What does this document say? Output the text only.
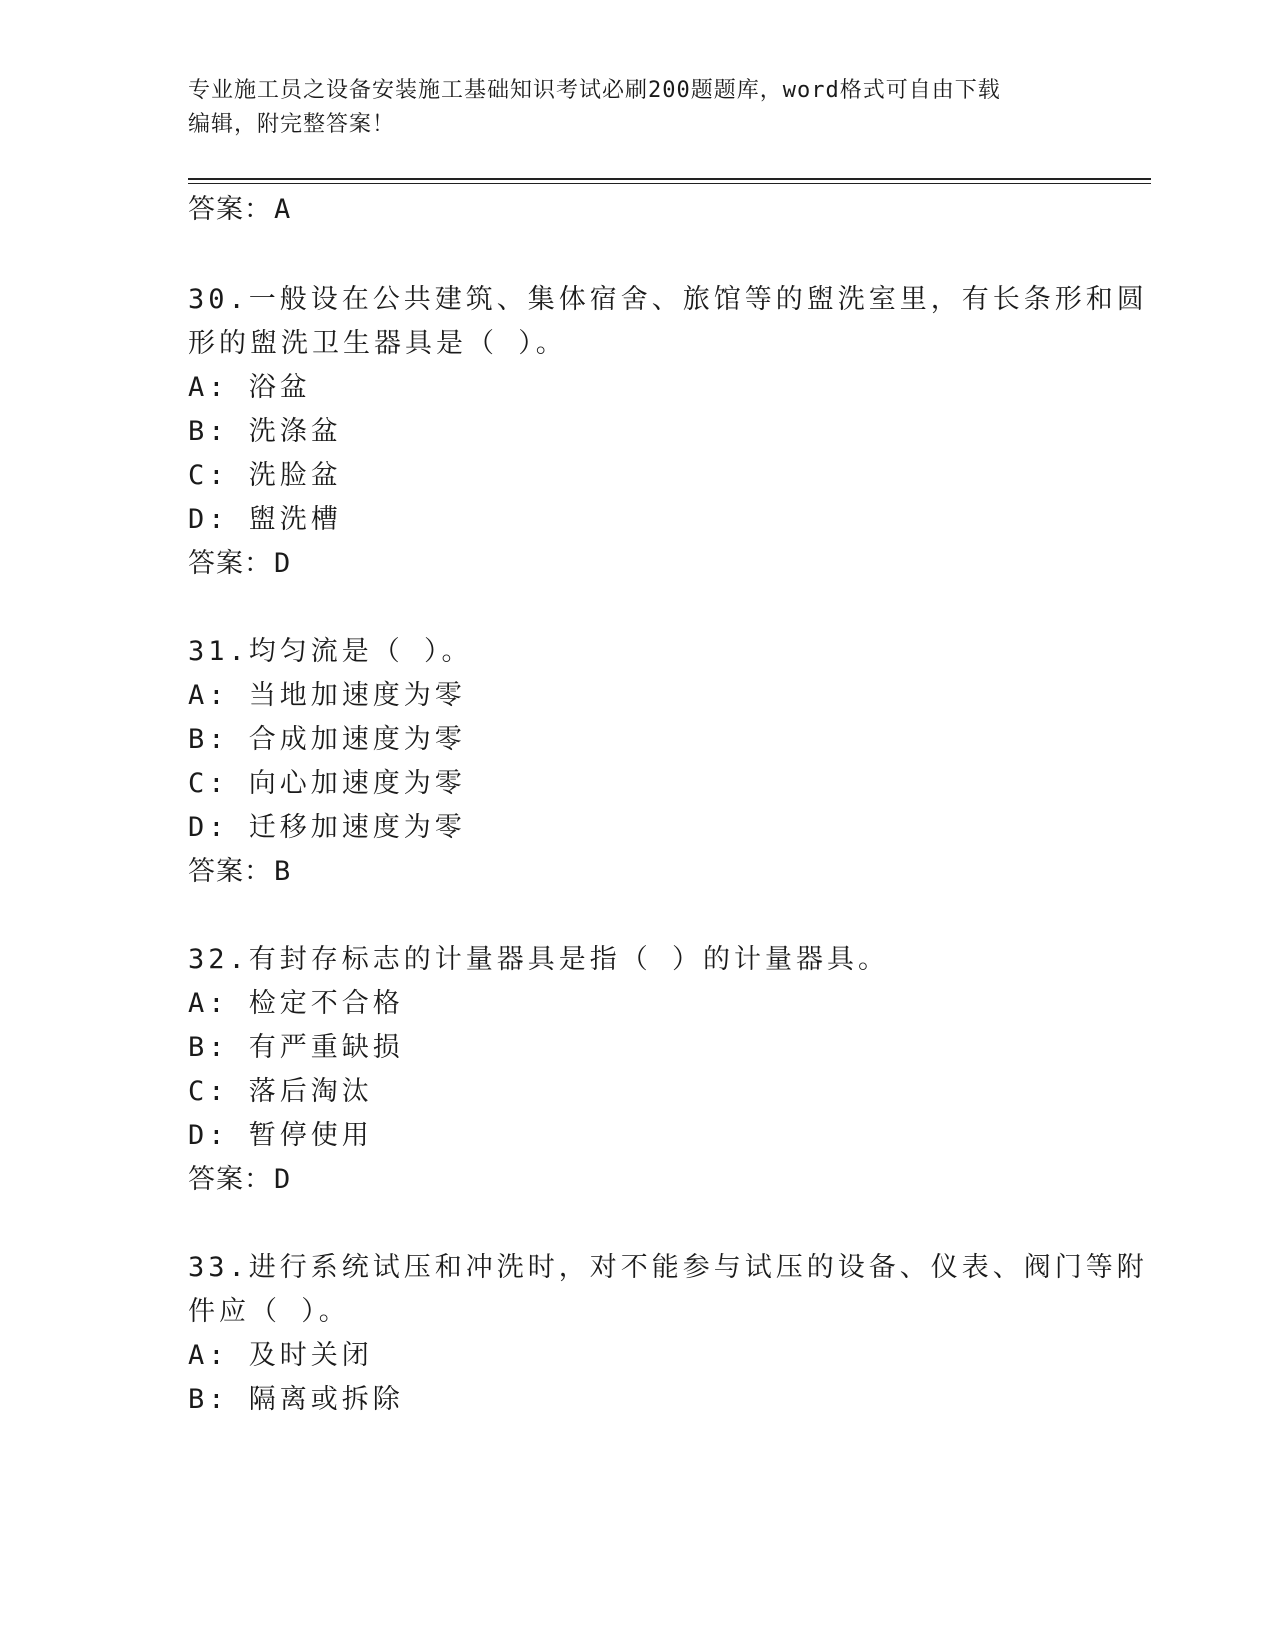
专业施工员之设备安装施工基础知识考试必刷200题题库，word格式可自由下载
编辑，附完整答案！
答案：A
30.一般设在公共建筑、集体宿舍、旅馆等的盥洗室里，有长条形和圆
形的盥洗卫生器具是（ ）。
A: 浴盆
B: 洗涤盆
C: 洗脸盆
D: 盥洗槽
答案：D
31.均匀流是（ ）。
A: 当地加速度为零
B: 合成加速度为零
C: 向心加速度为零
D: 迁移加速度为零
答案：B
32.有封存标志的计量器具是指（ ）的计量器具。
A: 检定不合格
B: 有严重缺损
C: 落后淘汰
D: 暂停使用
答案：D
33.进行系统试压和冲洗时，对不能参与试压的设备、仪表、阀门等附
件应（ ）。
A: 及时关闭
B: 隔离或拆除
